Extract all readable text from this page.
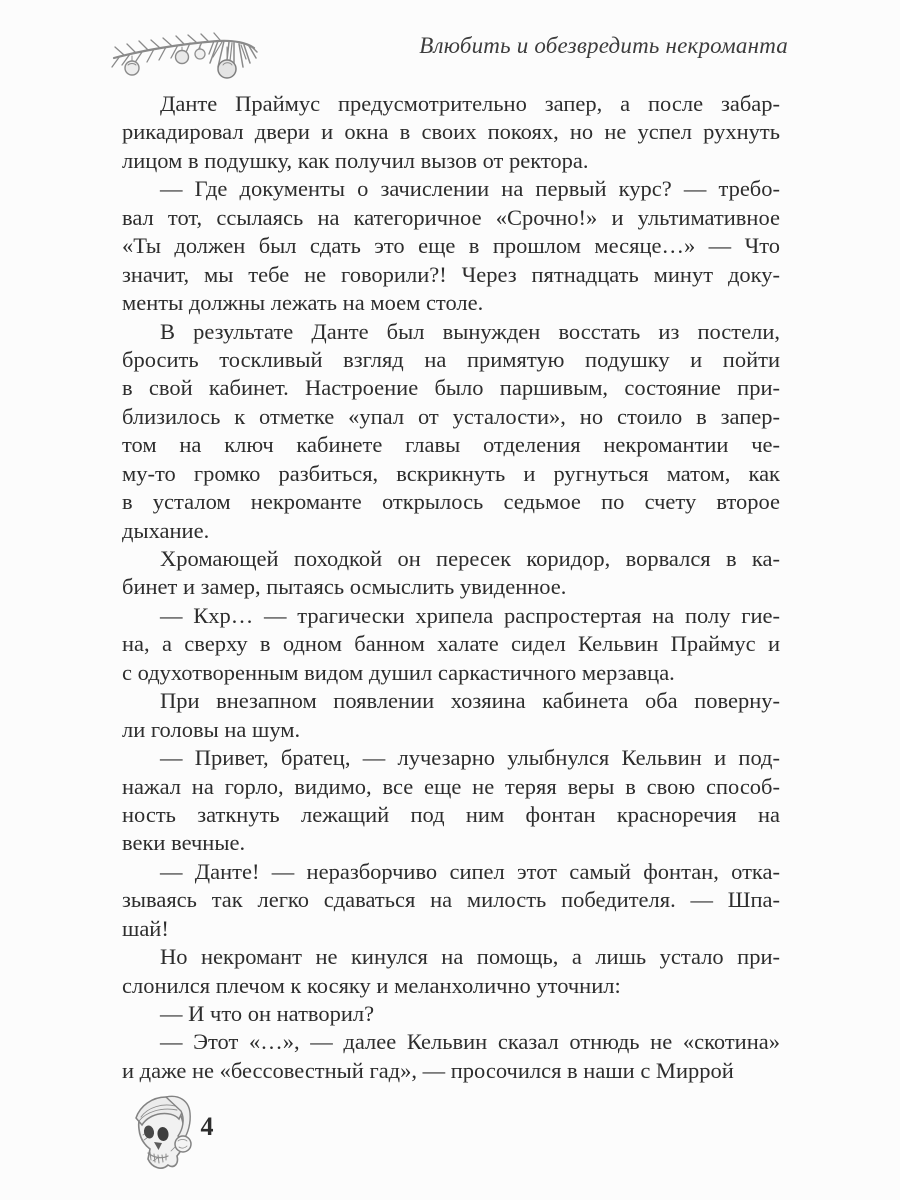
Влюбить и обезвредить некроманта
Данте Праймус предусмотрительно запер, а после забар-
рикадировал двери и окна в своих покоях, но не успел рухнуть
лицом в подушку, как получил вызов от ректора.
— Где документы о зачислении на первый курс? — требо-
вал тот, ссылаясь на категоричное «Срочно!» и ультимативное
«Ты должен был сдать это еще в прошлом месяце…» — Что
значит, мы тебе не говорили?! Через пятнадцать минут доку-
менты должны лежать на моем столе.
В результате Данте был вынужден восстать из постели,
бросить тоскливый взгляд на примятую подушку и пойти
в свой кабинет. Настроение было паршивым, состояние при-
близилось к отметке «упал от усталости», но стоило в запер-
том на ключ кабинете главы отделения некромантии че-
му-то громко разбиться, вскрикнуть и ругнуться матом, как
в усталом некроманте открылось седьмое по счету второе
дыхание.
Хромающей походкой он пересек коридор, ворвался в ка-
бинет и замер, пытаясь осмыслить увиденное.
— Кхр… — трагически хрипела распростертая на полу гие-
на, а сверху в одном банном халате сидел Кельвин Праймус и
с одухотворенным видом душил саркастичного мерзавца.
При внезапном появлении хозяина кабинета оба поверну-
ли головы на шум.
— Привет, братец, — лучезарно улыбнулся Кельвин и под-
нажал на горло, видимо, все еще не теряя веры в свою способ-
ность заткнуть лежащий под ним фонтан красноречия на
веки вечные.
— Данте! — неразборчиво сипел этот самый фонтан, отка-
зываясь так легко сдаваться на милость победителя. — Шпа-
шай!
Но некромант не кинулся на помощь, а лишь устало при-
слонился плечом к косяку и меланхолично уточнил:
— И что он натворил?
— Этот «…», — далее Кельвин сказал отнюдь не «скотина»
и даже не «бессовестный гад», — просочился в наши с Миррой
4
